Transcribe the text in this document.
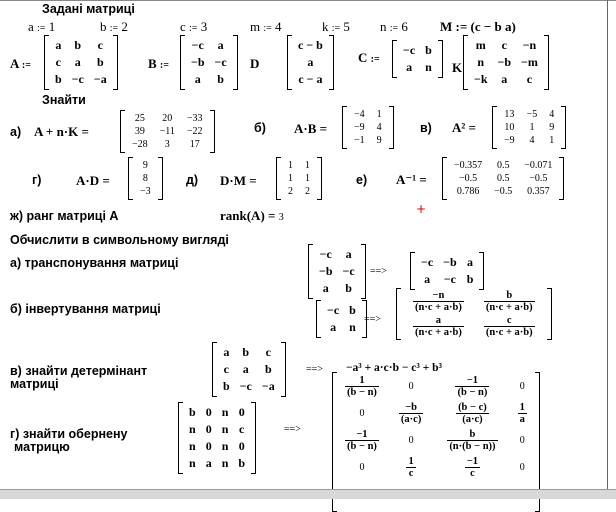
Задані матриці
a := 1	b := 2	c := 3	m := 4	k := 5 n := 6 M := (c − b a)
A :=
a	b	c
c	a	b
b	−c	−a
B :=
−c	a
−b	−c
a	b
D
c − b
a
c − a
C :=
−c	b
a	n K
m	c	−n
n	−b	−m
−k	a	c
Знайти
а) A + n·K =
25	20	−33
39	−11	−22
−28	3	17
б) A·B =
−4	1
−9	4
−1	9
в) A² =
13	−5	4
10	1	9
−9	4	1
г)	A·D =
9
8
−3
д) D·M =
1	1
1	1
2	2
е) A⁻¹ =
−0.357	0.5	−0.071
−0.5	0.5	−0.5
0.786	−0.5	0.357
ж) ранг матриці А	rank(A) = 3
+
Обчислити в символьному вигляді
а) транспонування матриці
−c	a
−b	−c
a	b
==>
−c	−b	a
a	−c	b
б) інвертування матриці	−c	b
a	n
==>
$\frac{-n}{(n\cdot c + a\cdot b)}$	$\frac{b}{(n\cdot c + a\cdot b)}$

$\frac{a}{(n\cdot c + a\cdot b)}$	$\frac{c}{(n\cdot c + a\cdot b)}$
в) знайти детермінант
матриці
a	b	c
c	a	b
b	−c	−a
==> −a³ + a·c·b − c³ + b³
г) знайти обернену
матрицю
b	0	n	0
n	0	n	c
n	0	n	0
n	a	n	b
==>
$\frac{1}{(b - n)}$	0	$\frac{-1}{(b - n)}$	0
0	$\frac{-b}{(a\cdot c)}$	$\frac{(b - c)}{(a\cdot c)}$	$\frac{1}{a}$

$\frac{-1}{(b - n)}$	0	$\frac{b}{(n\cdot(b - n))}$	0
0	$\frac{1}{c}$	$\frac{-1}{c}$	0
